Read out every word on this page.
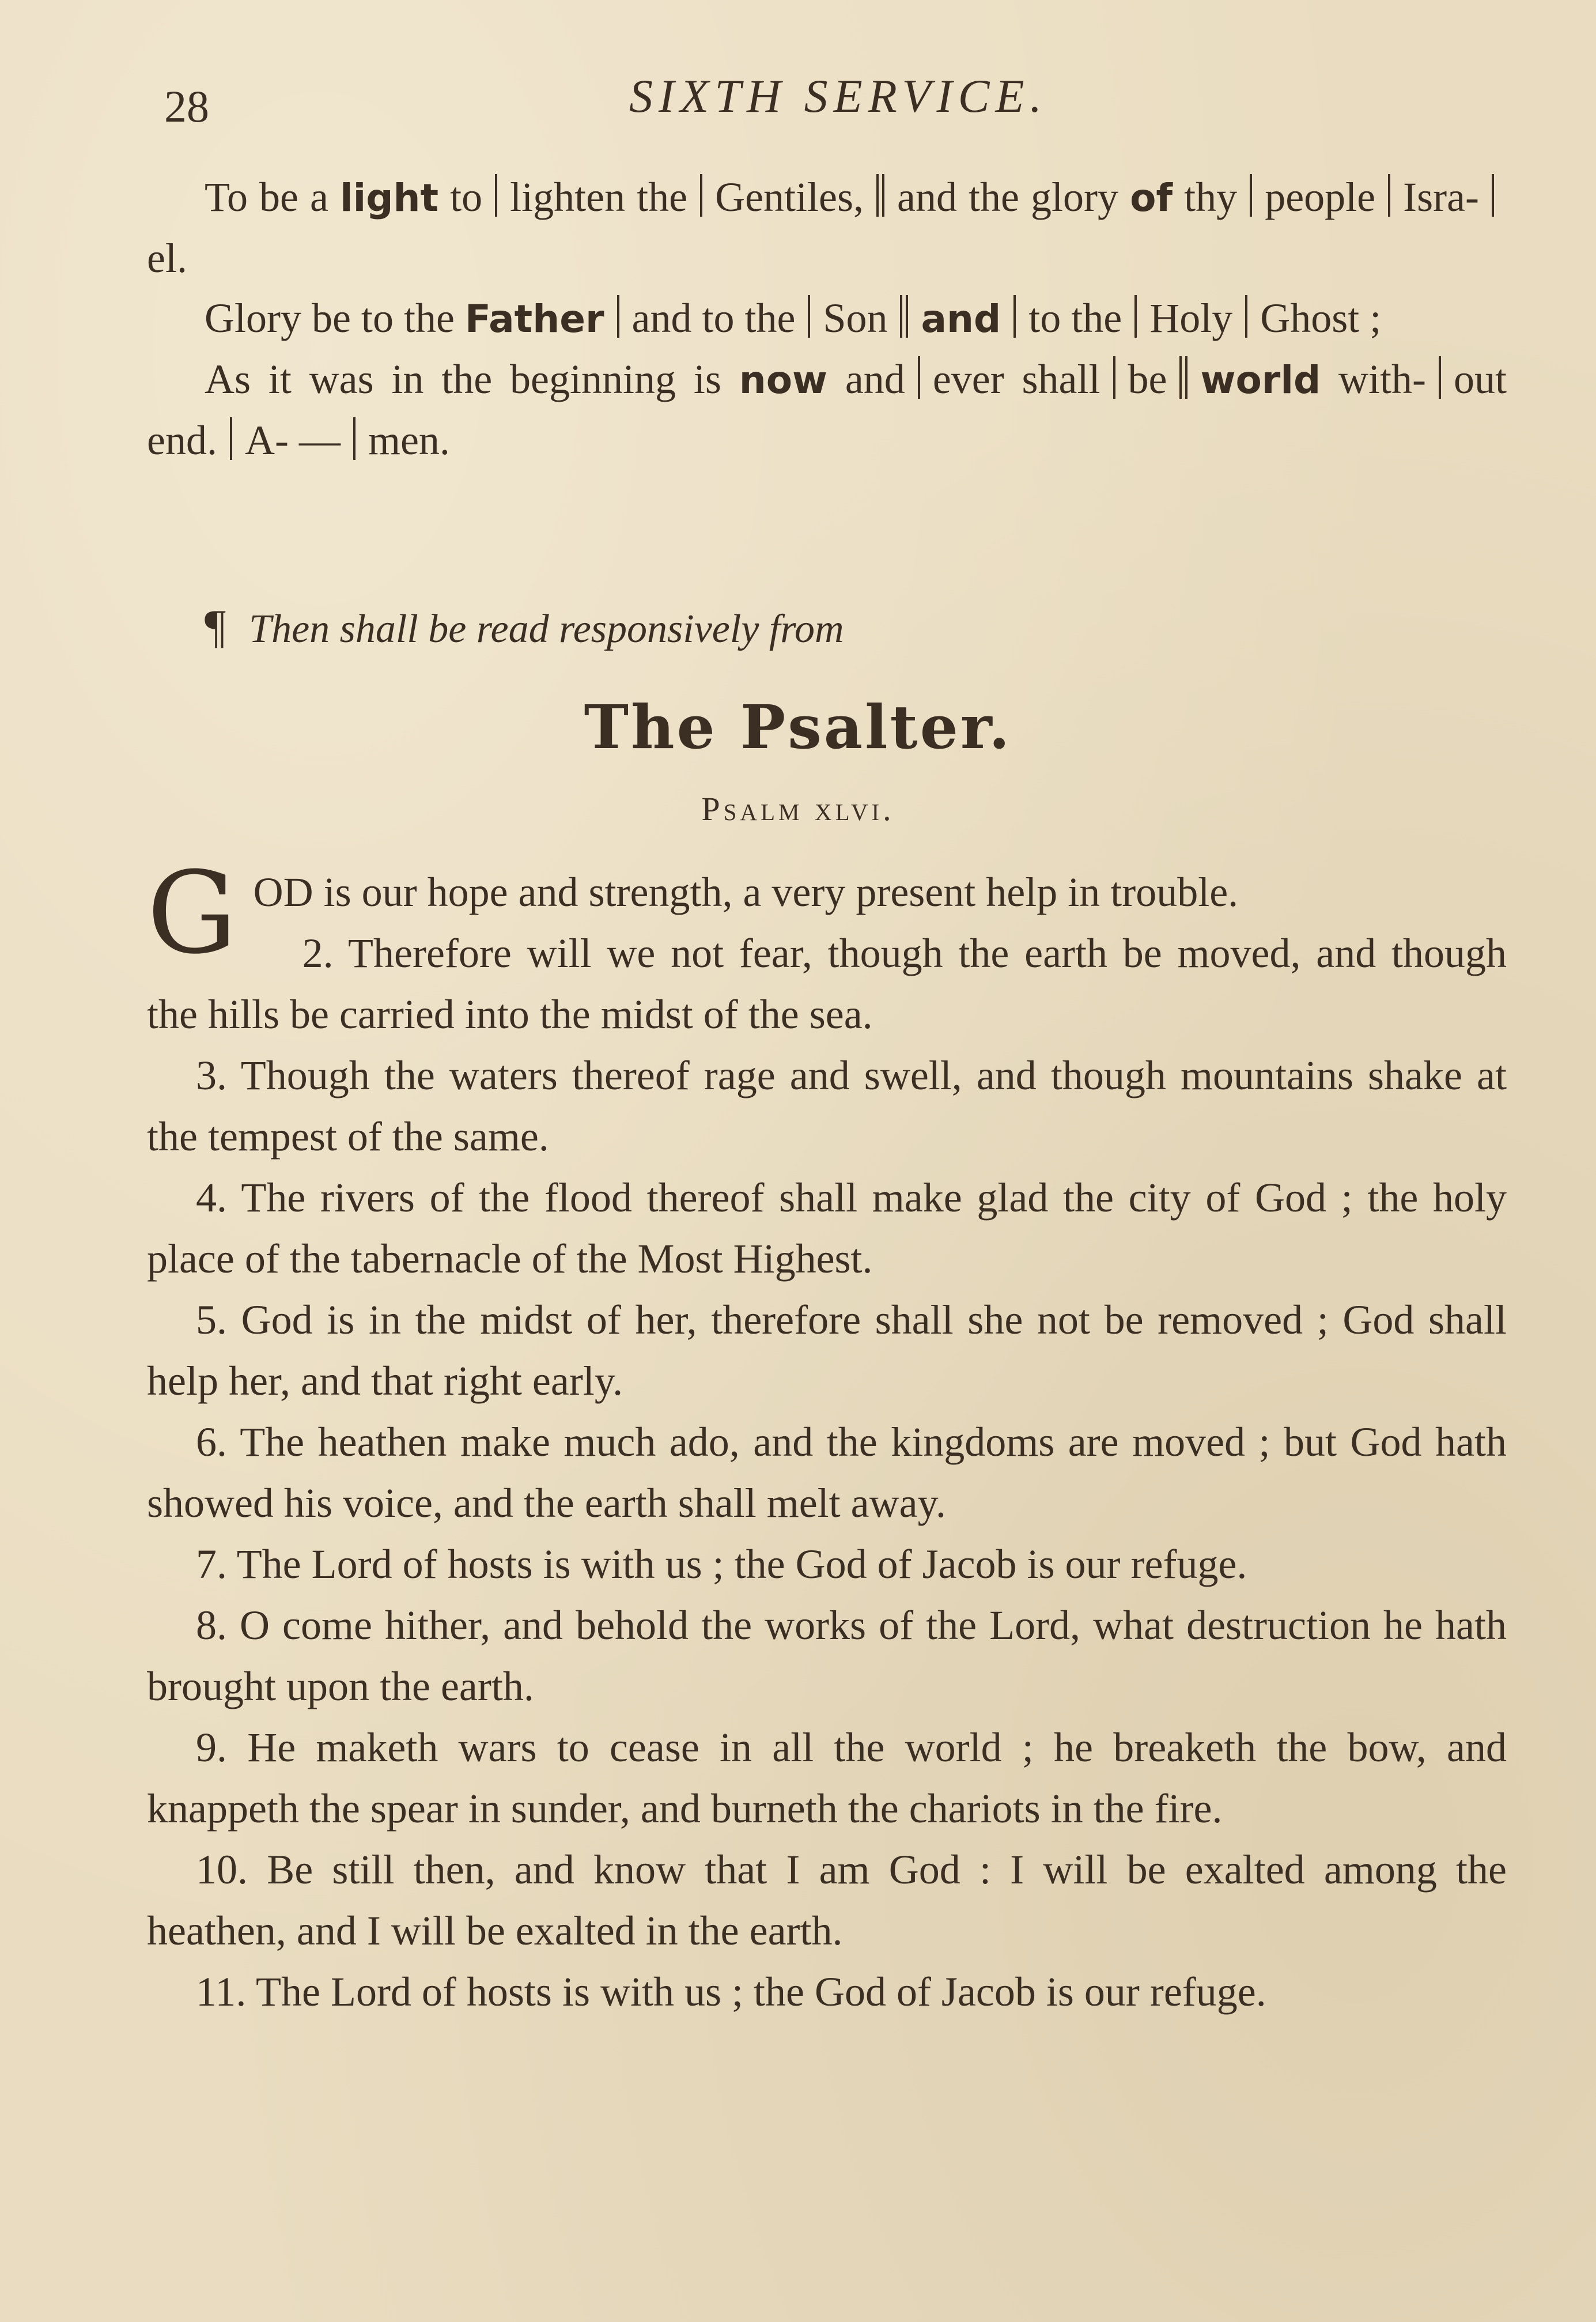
28	SIXTH SERVICE.

To be a light to lighten the Gentiles, and the glory of thy people Isra-el.

Glory be to the Father and to the Son and to the Holy Ghost ;

As it was in the beginning is now and ever shall be world with- out end. A- — men.

¶ Then shall be read responsively from
The Psalter.
Psalm xlvi.

GOD is our hope and strength, a very present help in trouble.

2. Therefore will we not fear, though the earth be moved, and though the hills be carried into the midst of the sea.

3. Though the waters thereof rage and swell, and though mountains shake at the tempest of the same.

4. The rivers of the flood thereof shall make glad the city of God ; the holy place of the tabernacle of the Most Highest.

5. God is in the midst of her, therefore shall she not be removed ; God shall help her, and that right early.

6. The heathen make much ado, and the kingdoms are moved ; but God hath showed his voice, and the earth shall melt away.

7. The Lord of hosts is with us ; the God of Jacob is our refuge.

8. O come hither, and behold the works of the Lord, what destruction he hath brought upon the earth.

9. He maketh wars to cease in all the world ; he breaketh the bow, and knappeth the spear in sunder, and burneth the chariots in the fire.

10. Be still then, and know that I am God : I will be exalted among the heathen, and I will be exalted in the earth.

11. The Lord of hosts is with us ; the God of Jacob is our refuge.
